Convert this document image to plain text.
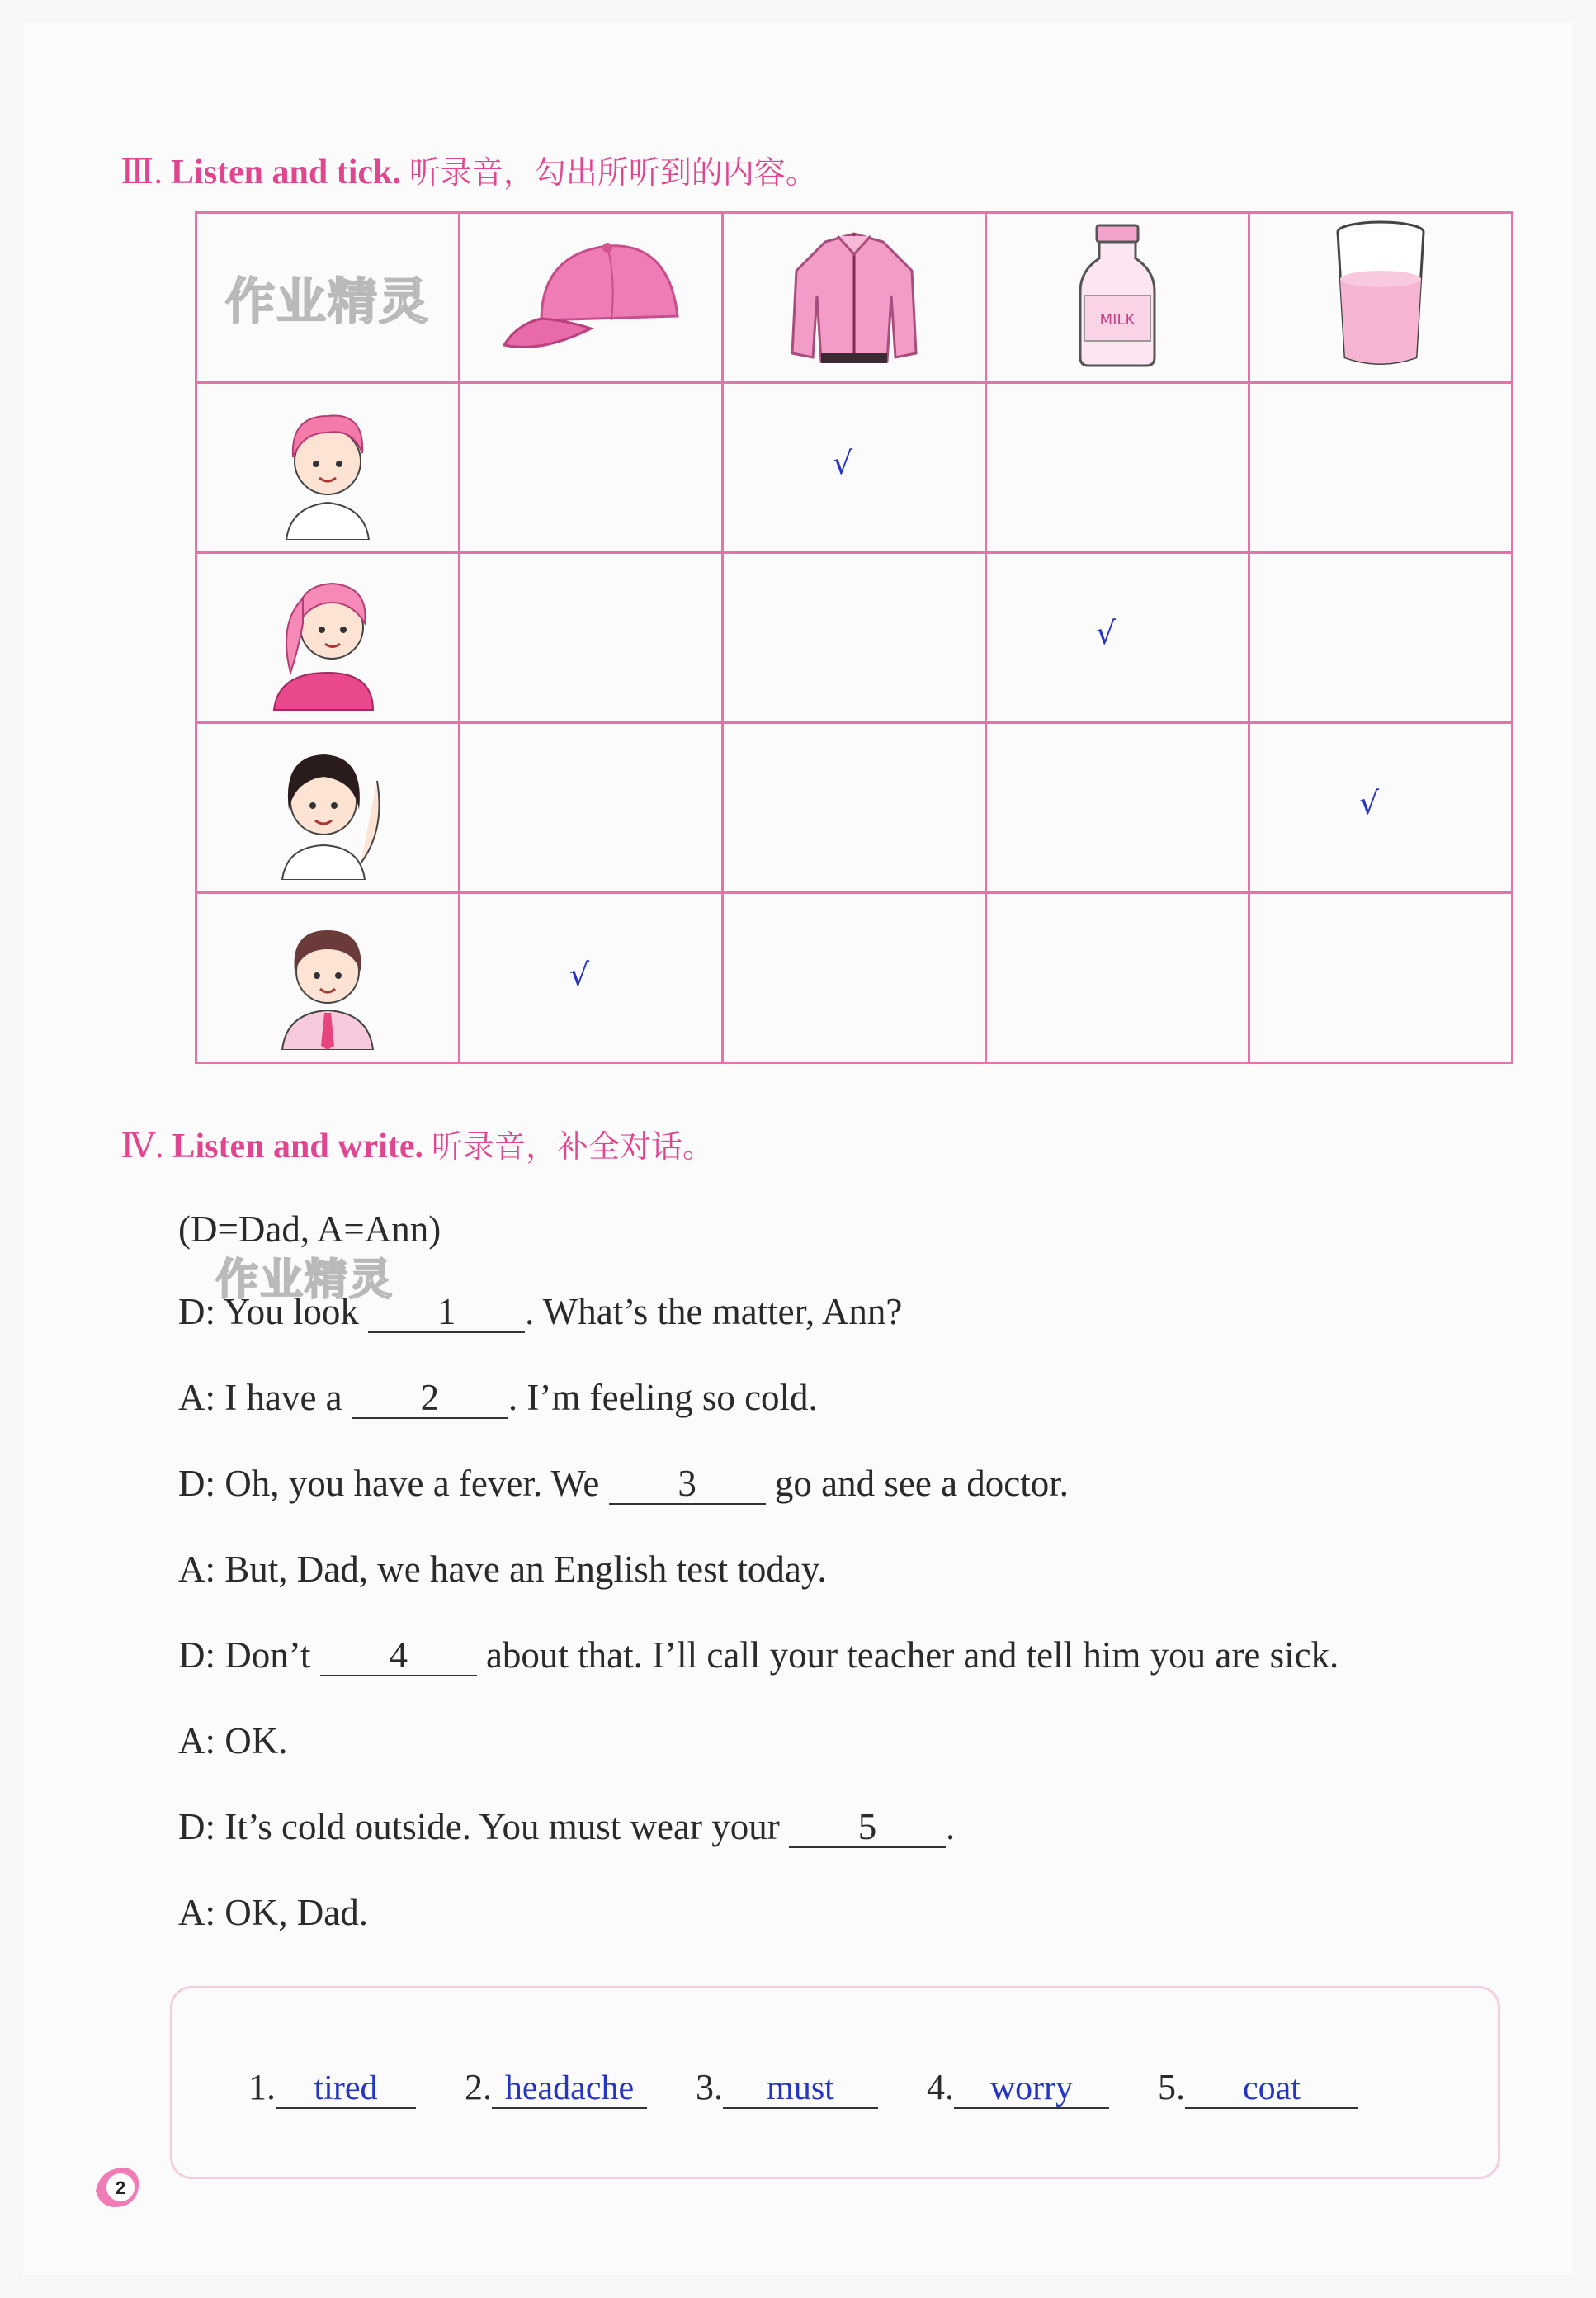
Ⅲ. Listen and tick. 听录音，勾出所听到的内容。
作业精灵			MILK

		√		
			√	
				√
	√			
Ⅳ. Listen and write. 听录音，补全对话。
(D=Dad, A=Ann)
作业精灵
D: You look 1 . What’s the matter, Ann?
A: I have a 2 . I’m feeling so cold.
D: Oh, you have a fever. We 3 go and see a doctor.
A: But, Dad, we have an English test today.
D: Don’t 4 about that. I’ll call your teacher and tell him you are sick.
A: OK.
D: It’s cold outside. You must wear your 5 .
A: OK, Dad.
1.	tired	2. headache	3.	must	4.	worry	5.	coat
2
